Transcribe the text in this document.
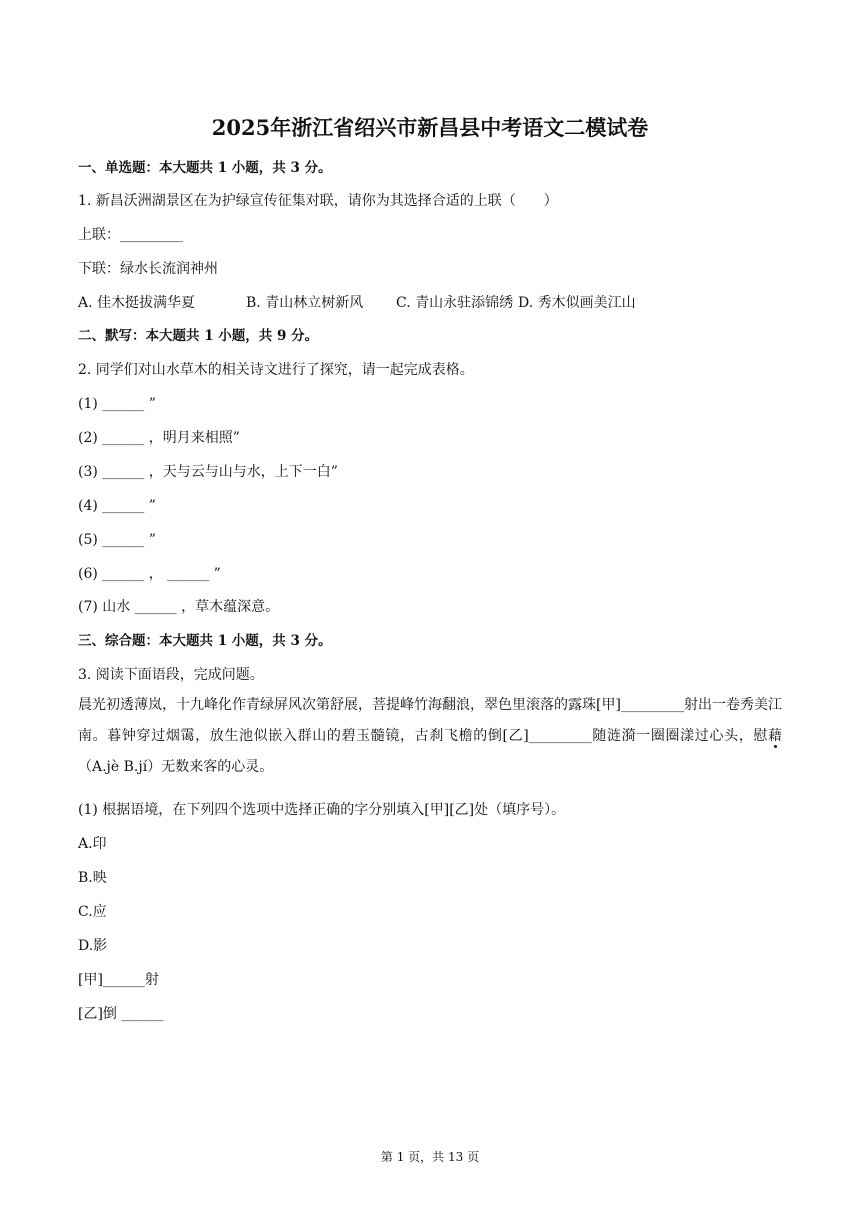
2025年浙江省绍兴市新昌县中考语文二模试卷
一、单选题：本大题共 1 小题，共 3 分。
1. 新昌沃洲湖景区在为护绿宣传征集对联，请你为其选择合适的上联（　　）
上联：_________
下联：绿水长流润神州
A. 佳木挺拔满华夏	B. 青山林立树新风 C. 青山永驻添锦绣 D. 秀木似画美江山
二、默写：本大题共 1 小题，共 9 分。
2. 同学们对山水草木的相关诗文进行了探究，请一起完成表格。
(1) ______ ”
(2) ______ ，明月来相照”
(3) ______ ，天与云与山与水，上下一白”
(4) ______ ”
(5) ______ ”
(6) ______ ， ______ ”
(7) 山水 ______ ，草木蕴深意。
三、综合题：本大题共 1 小题，共 3 分。
3. 阅读下面语段，完成问题。
晨光初透薄岚，十九峰化作青绿屏风次第舒展，菩提峰竹海翻浪，翠色里滚落的露珠[甲]_________射出一卷秀美江南。暮钟穿过烟霭，放生池似嵌入群山的碧玉髓镜，古刹飞檐的倒[乙]_________随涟漪一圈圈漾过心头，慰藉（A.jè B.jí）无数来客的心灵。
(1) 根据语境，在下列四个选项中选择正确的字分别填入[甲][乙]处（填序号）。
A.印
B.映
C.应
D.影
[甲]______射
[乙]倒 ______
第 1 页，共 13 页
